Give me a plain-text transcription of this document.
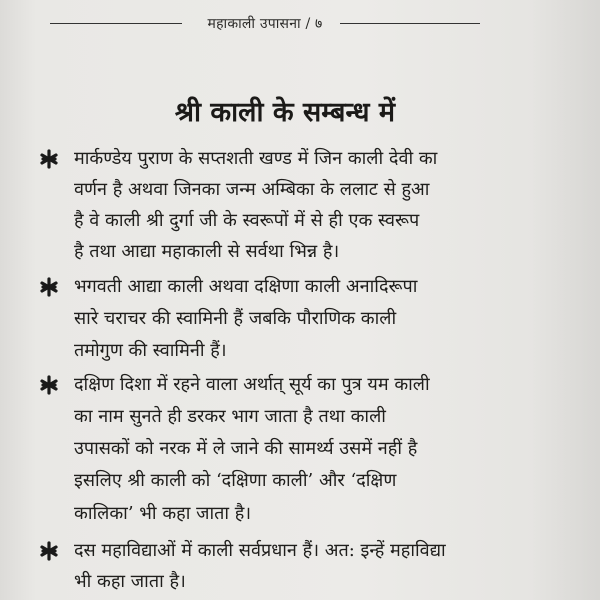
महाकाली उपासना / ७
श्री काली के सम्बन्ध में
मार्कण्डेय पुराण के सप्तशती खण्ड में जिन काली देवी का
वर्णन है अथवा जिनका जन्म अम्बिका के ललाट से हुआ
है वे काली श्री दुर्गा जी के स्वरूपों में से ही एक स्वरूप
है तथा आद्या महाकाली से सर्वथा भिन्न है।
भगवती आद्या काली अथवा दक्षिणा काली अनादिरूपा
सारे चराचर की स्वामिनी हैं जबकि पौराणिक काली
तमोगुण की स्वामिनी हैं।
दक्षिण दिशा में रहने वाला अर्थात् सूर्य का पुत्र यम काली
का नाम सुनते ही डरकर भाग जाता है तथा काली
उपासकों को नरक में ले जाने की सामर्थ्य उसमें नहीं है
इसलिए श्री काली को ‘दक्षिणा काली’ और ‘दक्षिण
कालिका’ भी कहा जाता है।
दस महाविद्याओं में काली सर्वप्रधान हैं। अत: इन्हें महाविद्या
भी कहा जाता है।
